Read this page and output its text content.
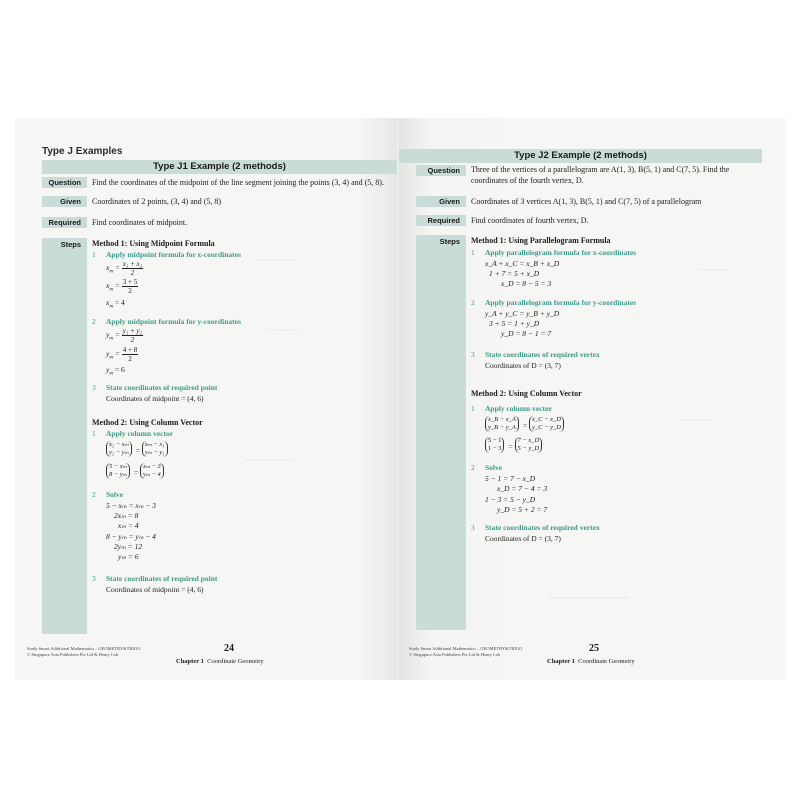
Type J Examples
Type J1 Example (2 methods)
Question	Find the coordinates of the midpoint of the line segment joining the points (3, 4) and (5, 8).
Given	Coordinates of 2 points, (3, 4) and (5, 8)
Required	Find coordinates of midpoint.
Steps	Method 1: Using Midpoint Formula
1 Apply midpoint formula for x-coordinates
$x_m = \frac{\text{x₁ + x₂}}{2}$
$x_m = \frac{3 + 5}{2}$
$x_m = 4$
2 Apply midpoint formula for y-coordinates
$y_m = \frac{\text{y₁ + y₂}}{2}$
$y_m = \frac{4 + 8}{2}$
$y_m = 6$
3 State coordinates of required point
Coordinates of midpoint = (4, 6)
Method 2: Using Column Vector
1 Apply column vector
x₂ − xₘ
y₂ − yₘ = xₘ − x₁
yₘ − y₁
5 − xₘ
8 − yₘ = xₘ − 3
yₘ − 4
2 Solve
5 − xₘ = xₘ − 3
2xₘ = 8
xₘ = 4
8 − yₘ = yₘ − 4
2yₘ = 12
yₘ = 6
3 State coordinates of required point
Coordinates of midpoint = (4, 6)
~~~~~~~~~~~~~
~~~~~~~~~~
~~~~~~~~~~~~~~~
Study Smart Additional Mathematics – GEOMETRY&TRIGO
© Singapore Asia Publishers Pte Ltd & Henry Loh
24
Chapter 1 Coordinate Geometry
Type J2 Example (2 methods)
Question	Three of the vertices of a parallelogram are A(1, 3), B(5, 1) and C(7, 5). Find the coordinates of the fourth vertex, D.
Given	Coordinates of 3 vertices A(1, 3), B(5, 1) and C(7, 5) of a parallelogram
Required	Find coordinates of fourth vertex, D.
Steps	Method 1: Using Parallelogram Formula
1 Apply parallelogram formula for x-coordinates
x_A + x_C = x_B + x_D
1 + 7 = 5 + x_D
x_D = 8 − 5 = 3
2 Apply parallelogram formula for y-coordinates
y_A + y_C = y_B + y_D
3 + 5 = 1 + y_D
y_D = 8 − 1 = 7
3 State coordinates of required vertex
Coordinates of D = (3, 7)
Method 2: Using Column Vector
1 Apply column vector
x_B − x_A
y_B − y_A = x_C − x_D
y_C − y_D
5 − 1
1 − 3 = 7 − x_D
5 − y_D
2 Solve
5 − 1 = 7 − x_D
x_D = 7 − 4 = 3
1 − 3 = 5 − y_D
y_D = 5 + 2 = 7
3 State coordinates of required vertex
Coordinates of D = (3, 7)
~~~~~~~~~
~~~~~~~~~~~
~~~~~~~~~~~~~~~~~~~~~~~~~
Study Smart Additional Mathematics – GEOMETRY&TRIGO
© Singapore Asia Publishers Pte Ltd & Henry Loh
25
Chapter 1 Coordinate Geometry
